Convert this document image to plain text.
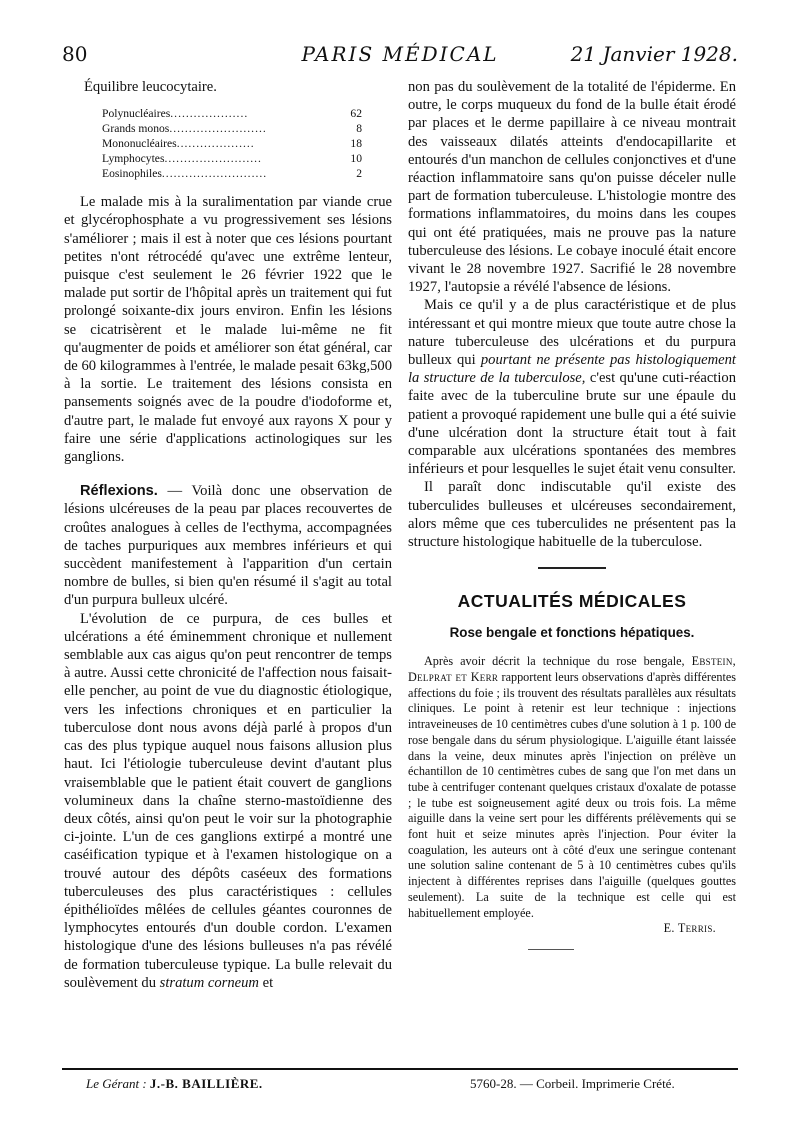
80	PARIS MÉDICAL	21 Janvier 1928.

Équilibre leucocytaire.

Polynucléaires....................	62
Grands monos.........................	8
Mononucléaires....................	18
Lymphocytes.........................	10
Eosinophiles...........................	2

Le malade mis à la suralimentation par viande crue et glycérophosphate a vu progressivement ses lésions s'améliorer ; mais il est à noter que ces lésions pourtant petites n'ont rétrocédé qu'avec une extrême lenteur, puisque c'est seulement le 26 février 1922 que le malade put sortir de l'hôpital après un traitement qui fut prolongé soixante-dix jours environ. Enfin les lésions se cicatrisèrent et le malade lui-même ne fit qu'augmenter de poids et améliorer son état général, car de 60 kilogrammes à l'entrée, le malade pesait 63kg,500 à la sortie. Le traitement des lésions consista en pansements soignés avec de la poudre d'iodoforme et, d'autre part, le malade fut envoyé aux rayons X pour y faire une série d'applications actinologiques sur les ganglions.

Réflexions. — Voilà donc une observation de lésions ulcéreuses de la peau par places recouvertes de croûtes analogues à celles de l'ecthyma, accompagnées de taches purpuriques aux membres inférieurs et qui succèdent manifestement à l'apparition d'un certain nombre de bulles, si bien qu'en résumé il s'agit au total d'un purpura bulleux ulcéré.

L'évolution de ce purpura, de ces bulles et ulcérations a été éminemment chronique et nullement semblable aux cas aigus qu'on peut rencontrer de temps à autre. Aussi cette chronicité de l'affection nous faisait-elle pencher, au point de vue du diagnostic étiologique, vers les infections chroniques et en particulier la tuberculose dont nous avons déjà parlé à propos d'un cas des plus typique auquel nous faisons allusion plus haut. Ici l'étiologie tuberculeuse devint d'autant plus vraisemblable que le patient était couvert de ganglions volumineux dans la chaîne sterno-mastoïdienne des deux côtés, ainsi qu'on peut le voir sur la photographie ci-jointe. L'un de ces ganglions extirpé a montré une caséification typique et à l'examen histologique on a trouvé autour des dépôts caséeux des formations tuberculeuses des plus caractéristiques : cellules épithélioïdes mêlées de cellules géantes couronnes de lymphocytes entourés d'un double cordon. L'examen histologique d'une des lésions bulleuses n'a pas révélé de formation tuberculeuse typique. La bulle relevait du soulèvement du stratum corneum et

non pas du soulèvement de la totalité de l'épiderme. En outre, le corps muqueux du fond de la bulle était érodé par places et le derme papillaire à ce niveau montrait des vaisseaux dilatés atteints d'endocapillarite et entourés d'un manchon de cellules conjonctives et d'une réaction inflammatoire sans qu'on puisse déceler nulle part de formation tuberculeuse. L'histologie montre des formations inflammatoires, du moins dans les coupes qui ont été pratiquées, mais ne prouve pas la nature tuberculeuse des lésions. Le cobaye inoculé était encore vivant le 28 novembre 1927. Sacrifié le 28 novembre 1927, l'autopsie a révélé l'absence de lésions.

Mais ce qu'il y a de plus caractéristique et de plus intéressant et qui montre mieux que toute autre chose la nature tuberculeuse des ulcérations et du purpura bulleux qui pourtant ne présente pas histologiquement la structure de la tuberculose, c'est qu'une cuti-réaction faite avec de la tuberculine brute sur une épaule du patient a provoqué rapidement une bulle qui a été suivie d'une ulcération dont la structure était tout à fait comparable aux ulcérations spontanées des membres inférieurs et pour lesquelles le sujet était venu consulter.

Il paraît donc indiscutable qu'il existe des tuberculides bulleuses et ulcéreuses secondairement, alors même que ces tuberculides ne présentent pas la structure histologique habituelle de la tuberculose.

ACTUALITÉS MÉDICALES
Rose bengale et fonctions hépatiques.

Après avoir décrit la technique du rose bengale, Ebstein, Delprat et Kerr rapportent leurs observations d'après différentes affections du foie ; ils trouvent des résultats parallèles aux résultats cliniques. Le point à retenir est leur technique : injections intraveineuses de 10 centimètres cubes d'une solution à 1 p. 100 de rose bengale dans du sérum physiologique. L'aiguille étant laissée dans la veine, deux minutes après l'injection on prélève un échantillon de 10 centimètres cubes de sang que l'on met dans un tube à centrifuger contenant quelques cristaux d'oxalate de potasse ; le tube est soigneusement agité deux ou trois fois. La même aiguille dans la veine sert pour les différents prélèvements qui se font huit et seize minutes après l'injection. Pour éviter la coagulation, les auteurs ont à côté d'eux une seringue contenant une solution saline contenant de 5 à 10 centimètres cubes qu'ils injectent à différentes reprises dans l'aiguille (quelques gouttes seulement). La suite de la technique est celle qui est habituellement employée.

E. Terris.

Le Gérant : J.-B. BAILLIÈRE.	5760-28. — Corbeil. Imprimerie Crété.
